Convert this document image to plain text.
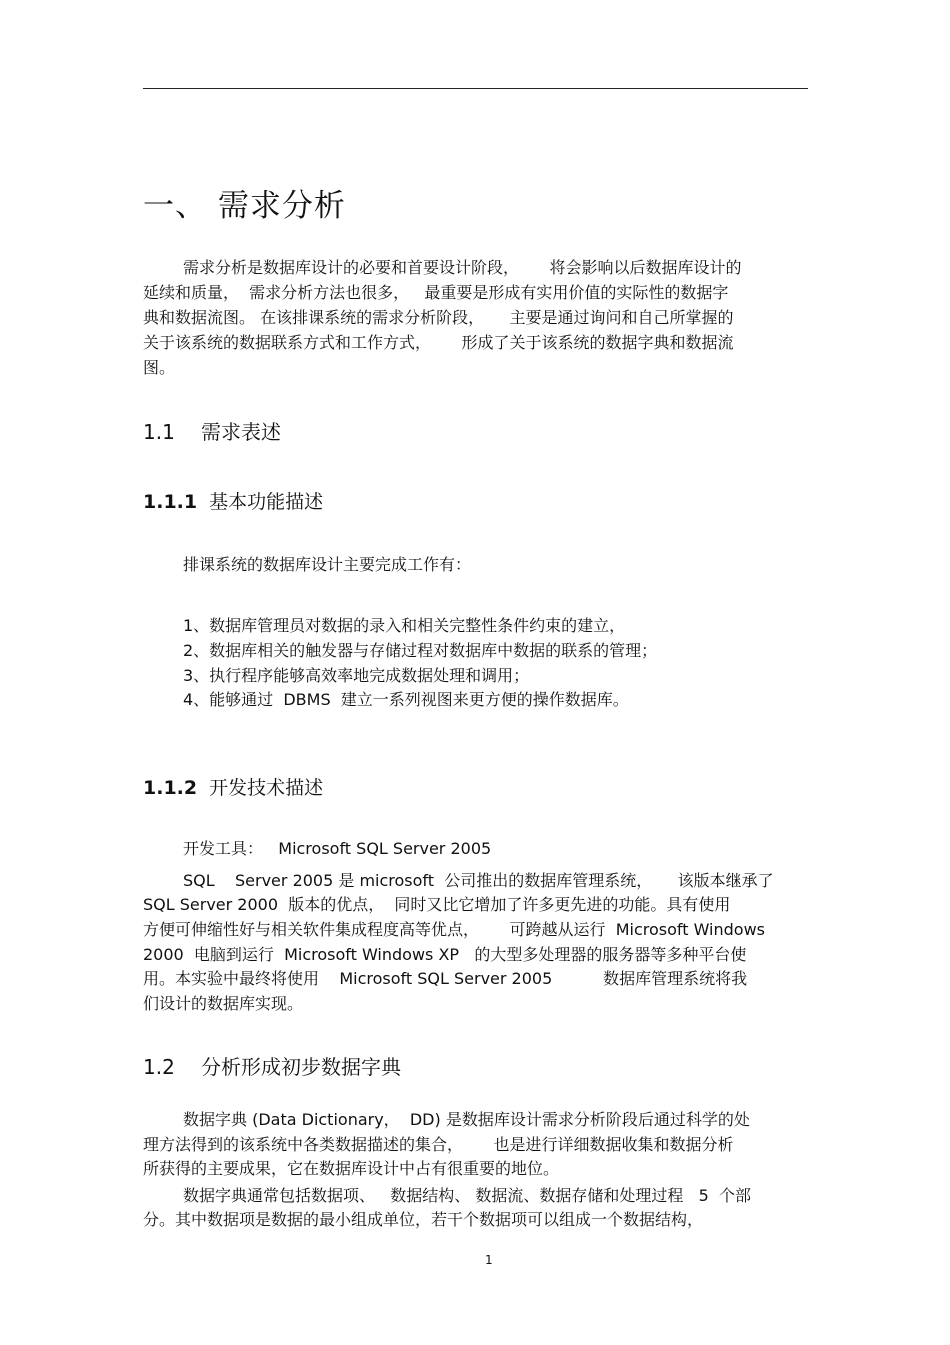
一、 需求分析
需求分析是数据库设计的必要和首要设计阶段，      将会影响以后数据库设计的
延续和质量，  需求分析方法也很多，   最重要是形成有实用价值的实际性的数据字
典和数据流图。 在该排课系统的需求分析阶段，     主要是通过询问和自己所掌握的
关于该系统的数据联系方式和工作方式，      形成了关于该系统的数据字典和数据流
图。
1.1 需求表述
1.1.1 基本功能描述
排课系统的数据库设计主要完成工作有：
1、数据库管理员对数据的录入和相关完整性条件约束的建立，
2、数据库相关的触发器与存储过程对数据库中数据的联系的管理；
3、执行程序能够高效率地完成数据处理和调用；
4、能够通过  DBMS  建立一系列视图来更方便的操作数据库。
1.1.2 开发技术描述
开发工具：   Microsoft SQL Server 2005
SQL    Server 2005 是 microsoft  公司推出的数据库管理系统，     该版本继承了
SQL Server 2000  版本的优点，  同时又比它增加了许多更先进的功能。具有使用
方便可伸缩性好与相关软件集成程度高等优点，      可跨越从运行  Microsoft Windows
2000  电脑到运行  Microsoft Windows XP   的大型多处理器的服务器等多种平台使
用。本实验中最终将使用    Microsoft SQL Server 2005          数据库管理系统将我
们设计的数据库实现。
1.2 分析形成初步数据字典
数据字典 (Data Dictionary，  DD) 是数据库设计需求分析阶段后通过科学的处
理方法得到的该系统中各类数据描述的集合，      也是进行详细数据收集和数据分析
所获得的主要成果，它在数据库设计中占有很重要的地位。
数据字典通常包括数据项、   数据结构、 数据流、数据存储和处理过程   5  个部
分。其中数据项是数据的最小组成单位，若干个数据项可以组成一个数据结构，
1
